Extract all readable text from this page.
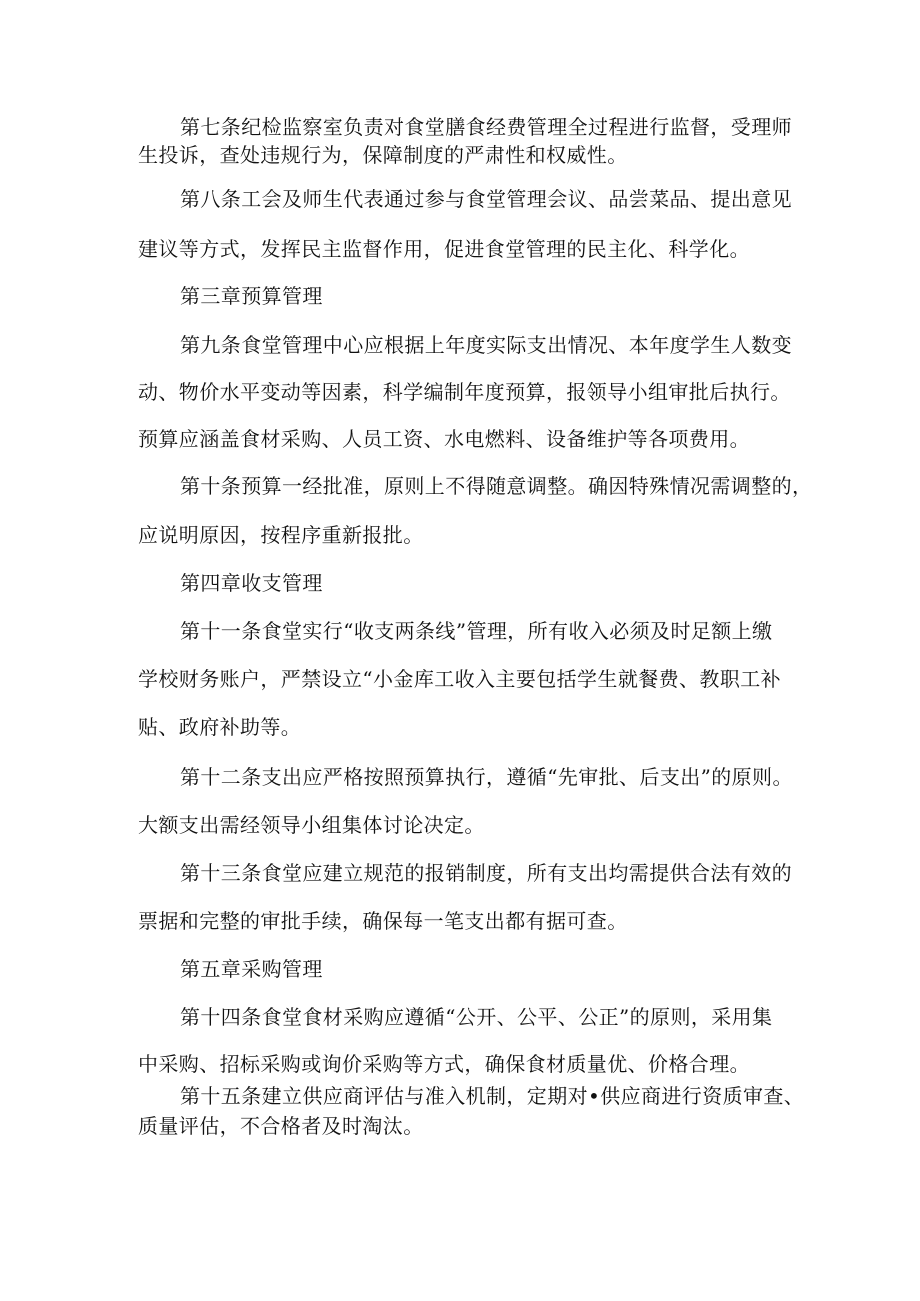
第七条纪检监察室负责对食堂膳食经费管理全过程进行监督，受理师
生投诉，查处违规行为，保障制度的严肃性和权威性。
第八条工会及师生代表通过参与食堂管理会议、品尝菜品、提出意见
建议等方式，发挥民主监督作用，促进食堂管理的民主化、科学化。
第三章预算管理
第九条食堂管理中心应根据上年度实际支出情况、本年度学生人数变
动、物价水平变动等因素，科学编制年度预算，报领导小组审批后执行。
预算应涵盖食材采购、人员工资、水电燃料、设备维护等各项费用。
第十条预算一经批准，原则上不得随意调整。确因特殊情况需调整的，
应说明原因，按程序重新报批。
第四章收支管理
第十一条食堂实行“收支两条线”管理，所有收入必须及时足额上缴
学校财务账户，严禁设立“小金库工收入主要包括学生就餐费、教职工补
贴、政府补助等。
第十二条支出应严格按照预算执行，遵循“先审批、后支出”的原则。
大额支出需经领导小组集体讨论决定。
第十三条食堂应建立规范的报销制度，所有支出均需提供合法有效的
票据和完整的审批手续，确保每一笔支出都有据可查。
第五章采购管理
第十四条食堂食材采购应遵循“公开、公平、公正”的原则，采用集
中采购、招标采购或询价采购等方式，确保食材质量优、价格合理。
第十五条建立供应商评估与准入机制，定期对•供应商进行资质审查、
质量评估，不合格者及时淘汰。
